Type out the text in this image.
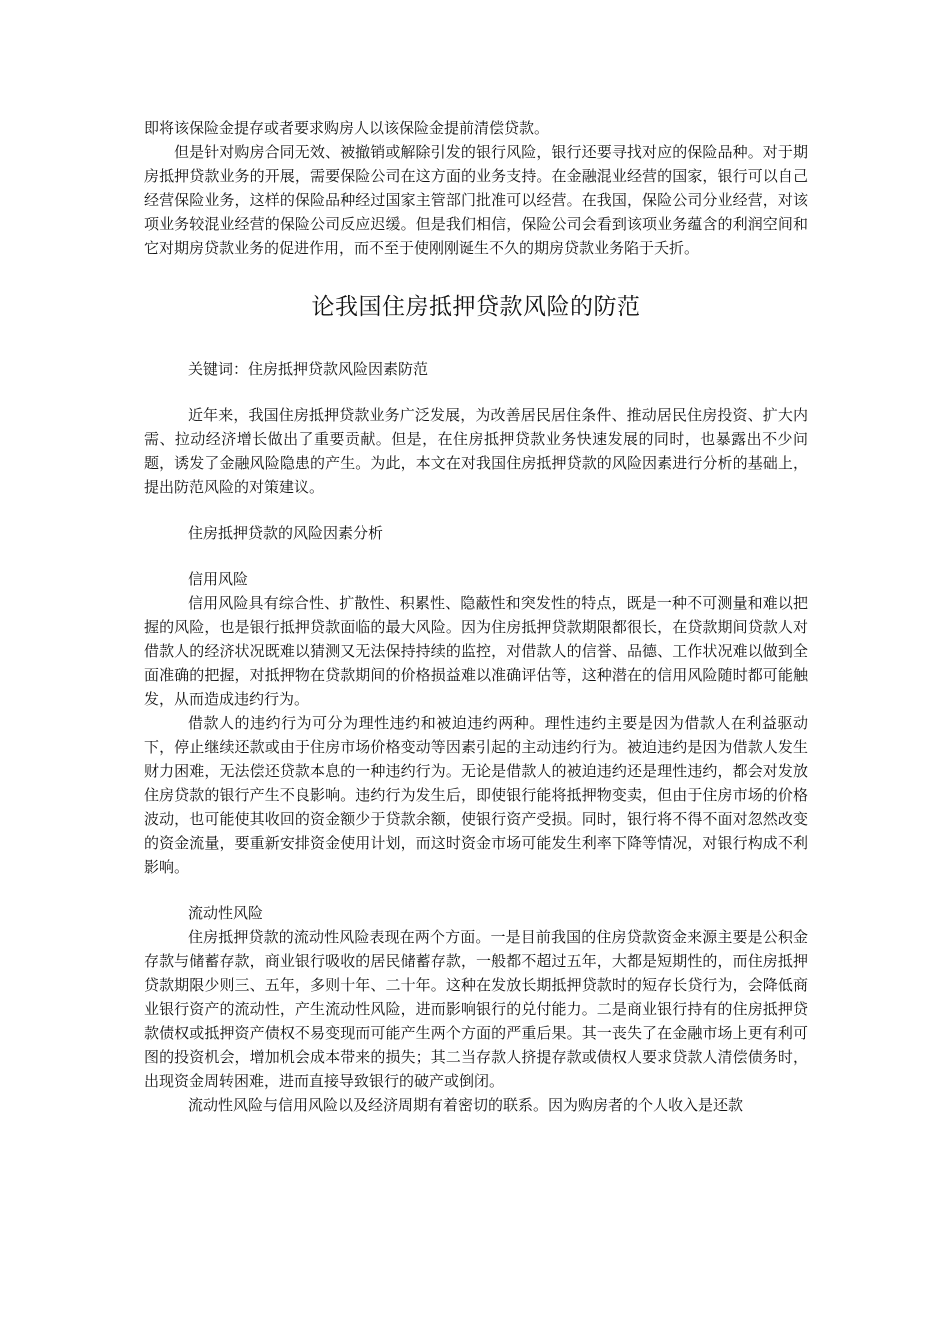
即将该保险金提存或者要求购房人以该保险金提前清偿贷款。

但是针对购房合同无效、被撤销或解除引发的银行风险，银行还要寻找对应的保险品种。对于期房抵押贷款业务的开展，需要保险公司在这方面的业务支持。在金融混业经营的国家，银行可以自己经营保险业务，这样的保险品种经过国家主管部门批准可以经营。在我国，保险公司分业经营，对该项业务较混业经营的保险公司反应迟缓。但是我们相信，保险公司会看到该项业务蕴含的利润空间和它对期房贷款业务的促进作用，而不至于使刚刚诞生不久的期房贷款业务陷于夭折。

论我国住房抵押贷款风险的防范

关键词：住房抵押贷款风险因素防范

近年来，我国住房抵押贷款业务广泛发展，为改善居民居住条件、推动居民住房投资、扩大内需、拉动经济增长做出了重要贡献。但是，在住房抵押贷款业务快速发展的同时，也暴露出不少问题，诱发了金融风险隐患的产生。为此，本文在对我国住房抵押贷款的风险因素进行分析的基础上，提出防范风险的对策建议。

住房抵押贷款的风险因素分析

信用风险

信用风险具有综合性、扩散性、积累性、隐蔽性和突发性的特点，既是一种不可测量和难以把握的风险，也是银行抵押贷款面临的最大风险。因为住房抵押贷款期限都很长，在贷款期间贷款人对借款人的经济状况既难以猜测又无法保持持续的监控，对借款人的信誉、品德、工作状况难以做到全面准确的把握，对抵押物在贷款期间的价格损益难以准确评估等，这种潜在的信用风险随时都可能触发，从而造成违约行为。

借款人的违约行为可分为理性违约和被迫违约两种。理性违约主要是因为借款人在利益驱动下，停止继续还款或由于住房市场价格变动等因素引起的主动违约行为。被迫违约是因为借款人发生财力困难，无法偿还贷款本息的一种违约行为。无论是借款人的被迫违约还是理性违约，都会对发放住房贷款的银行产生不良影响。违约行为发生后，即使银行能将抵押物变卖，但由于住房市场的价格波动，也可能使其收回的资金额少于贷款余额，使银行资产受损。同时，银行将不得不面对忽然改变的资金流量，要重新安排资金使用计划，而这时资金市场可能发生利率下降等情况，对银行构成不利影响。

流动性风险

住房抵押贷款的流动性风险表现在两个方面。一是目前我国的住房贷款资金来源主要是公积金存款与储蓄存款，商业银行吸收的居民储蓄存款，一般都不超过五年，大都是短期性的，而住房抵押贷款期限少则三、五年，多则十年、二十年。这种在发放长期抵押贷款时的短存长贷行为，会降低商业银行资产的流动性，产生流动性风险，进而影响银行的兑付能力。二是商业银行持有的住房抵押贷款债权或抵押资产债权不易变现而可能产生两个方面的严重后果。其一丧失了在金融市场上更有利可图的投资机会，增加机会成本带来的损失；其二当存款人挤提存款或债权人要求贷款人清偿债务时，出现资金周转困难，进而直接导致银行的破产或倒闭。

流动性风险与信用风险以及经济周期有着密切的联系。因为购房者的个人收入是还款
